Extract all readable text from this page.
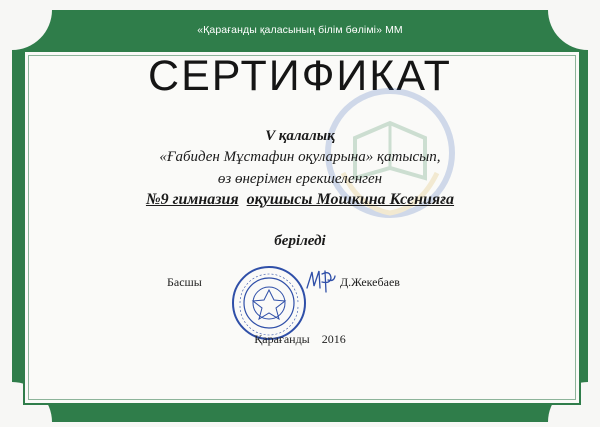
«Қарағанды қаласының білім бөлімі» ММ
СЕРТИФИКАТ
V қалалық
«Ғабиден Мұстафин оқуларына» қатысып,
өз өнерімен ерекшеленген
№9 гимназия оқушысы Мошкина Ксенияға
беріледі
Басшы	Д.Жекебаев
Қарағанды 2016
